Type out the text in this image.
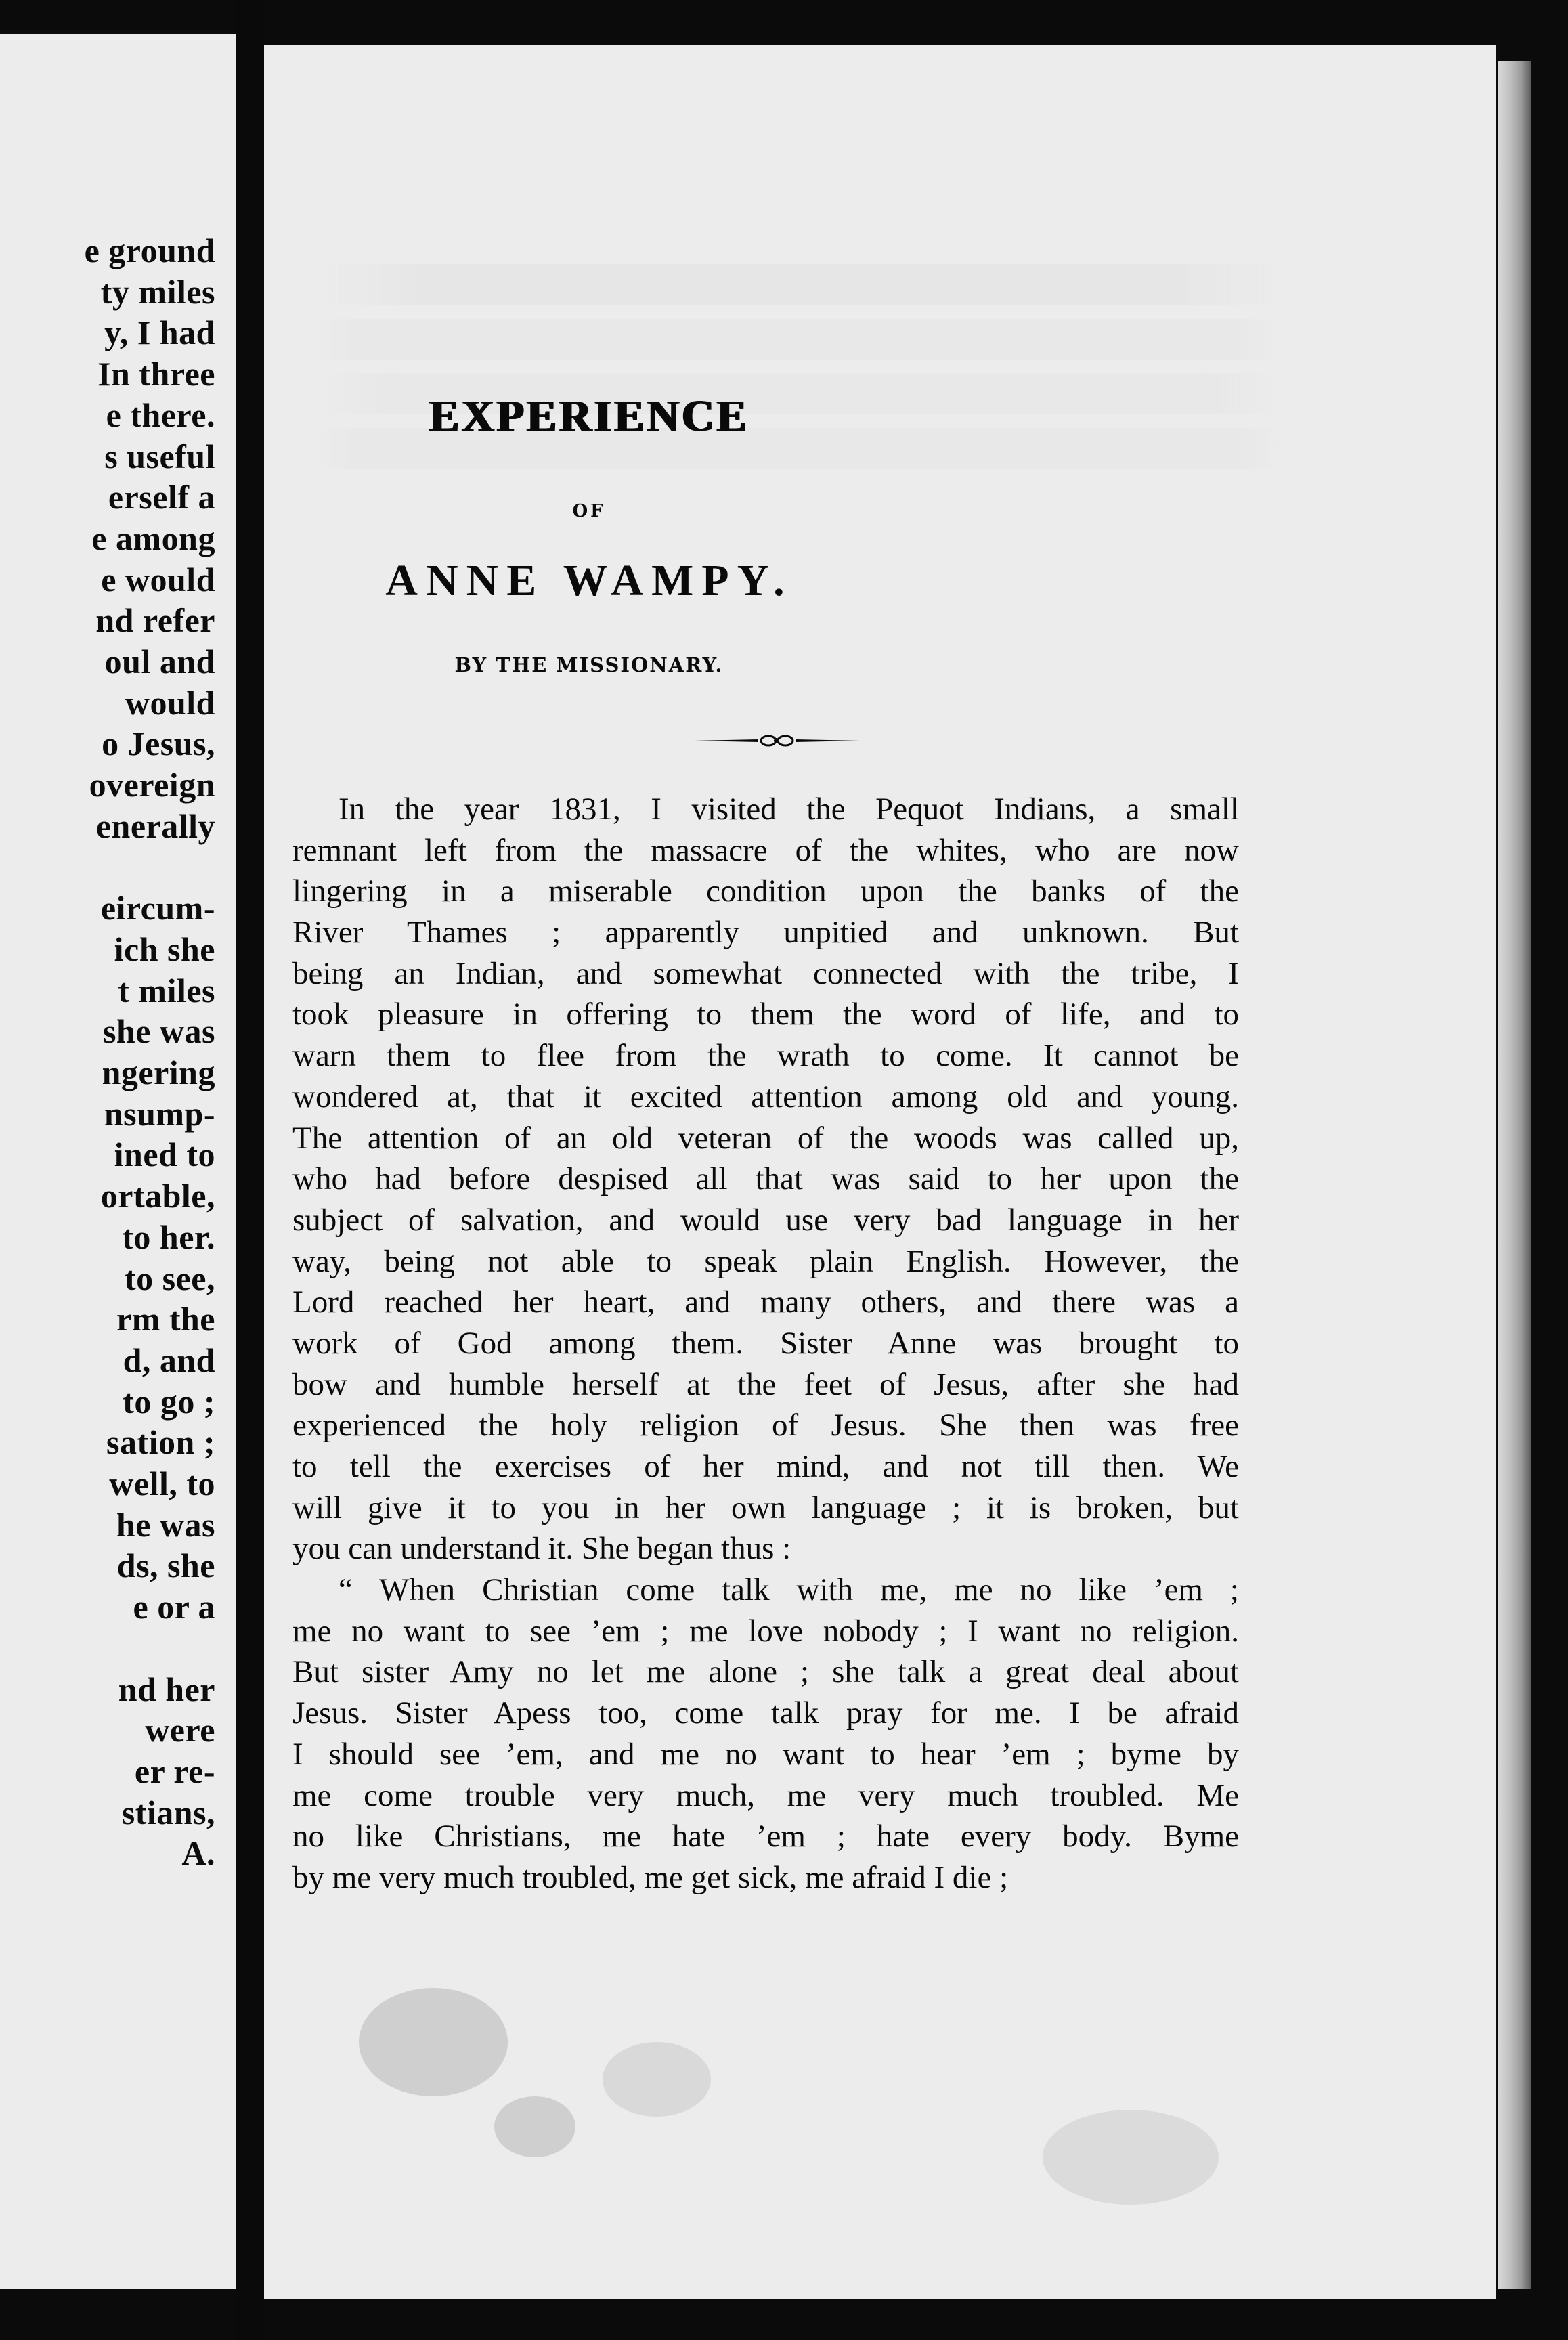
e ground
ty miles
y, I had
In three
e there.
s useful
erself a
e among
e would
nd refer
oul and
would
o Jesus,
overeign
enerally
eircum-
ich she
t miles
she was
ngering
nsump-
ined to
ortable,
to her.
to see,
rm the
d, and
to go ;
sation ;
well, to
he was
ds, she
e or a
nd her
were
er re-
stians,
A.
EXPERIENCE
OF
ANNE WAMPY.
BY THE MISSIONARY.
In the year 1831, I visited the Pequot Indians, a small
remnant left from the massacre of the whites, who are now
lingering in a miserable condition upon the banks of the
River Thames ; apparently unpitied and unknown. But
being an Indian, and somewhat connected with the tribe, I
took pleasure in offering to them the word of life, and to
warn them to flee from the wrath to come. It cannot be
wondered at, that it excited attention among old and young.
The attention of an old veteran of the woods was called up,
who had before despised all that was said to her upon the
subject of salvation, and would use very bad language in her
way, being not able to speak plain English. However, the
Lord reached her heart, and many others, and there was a
work of God among them. Sister Anne was brought to
bow and humble herself at the feet of Jesus, after she had
experienced the holy religion of Jesus. She then was free
to tell the exercises of her mind, and not till then. We
will give it to you in her own language ; it is broken, but
you can understand it. She began thus :
“ When Christian come talk with me, me no like ’em ;
me no want to see ’em ; me love nobody ; I want no religion.
But sister Amy no let me alone ; she talk a great deal about
Jesus. Sister Apess too, come talk pray for me. I be afraid
I should see ’em, and me no want to hear ’em ; byme by
me come trouble very much, me very much troubled. Me
no like Christians, me hate ’em ; hate every body. Byme
by me very much troubled, me get sick, me afraid I die ;
